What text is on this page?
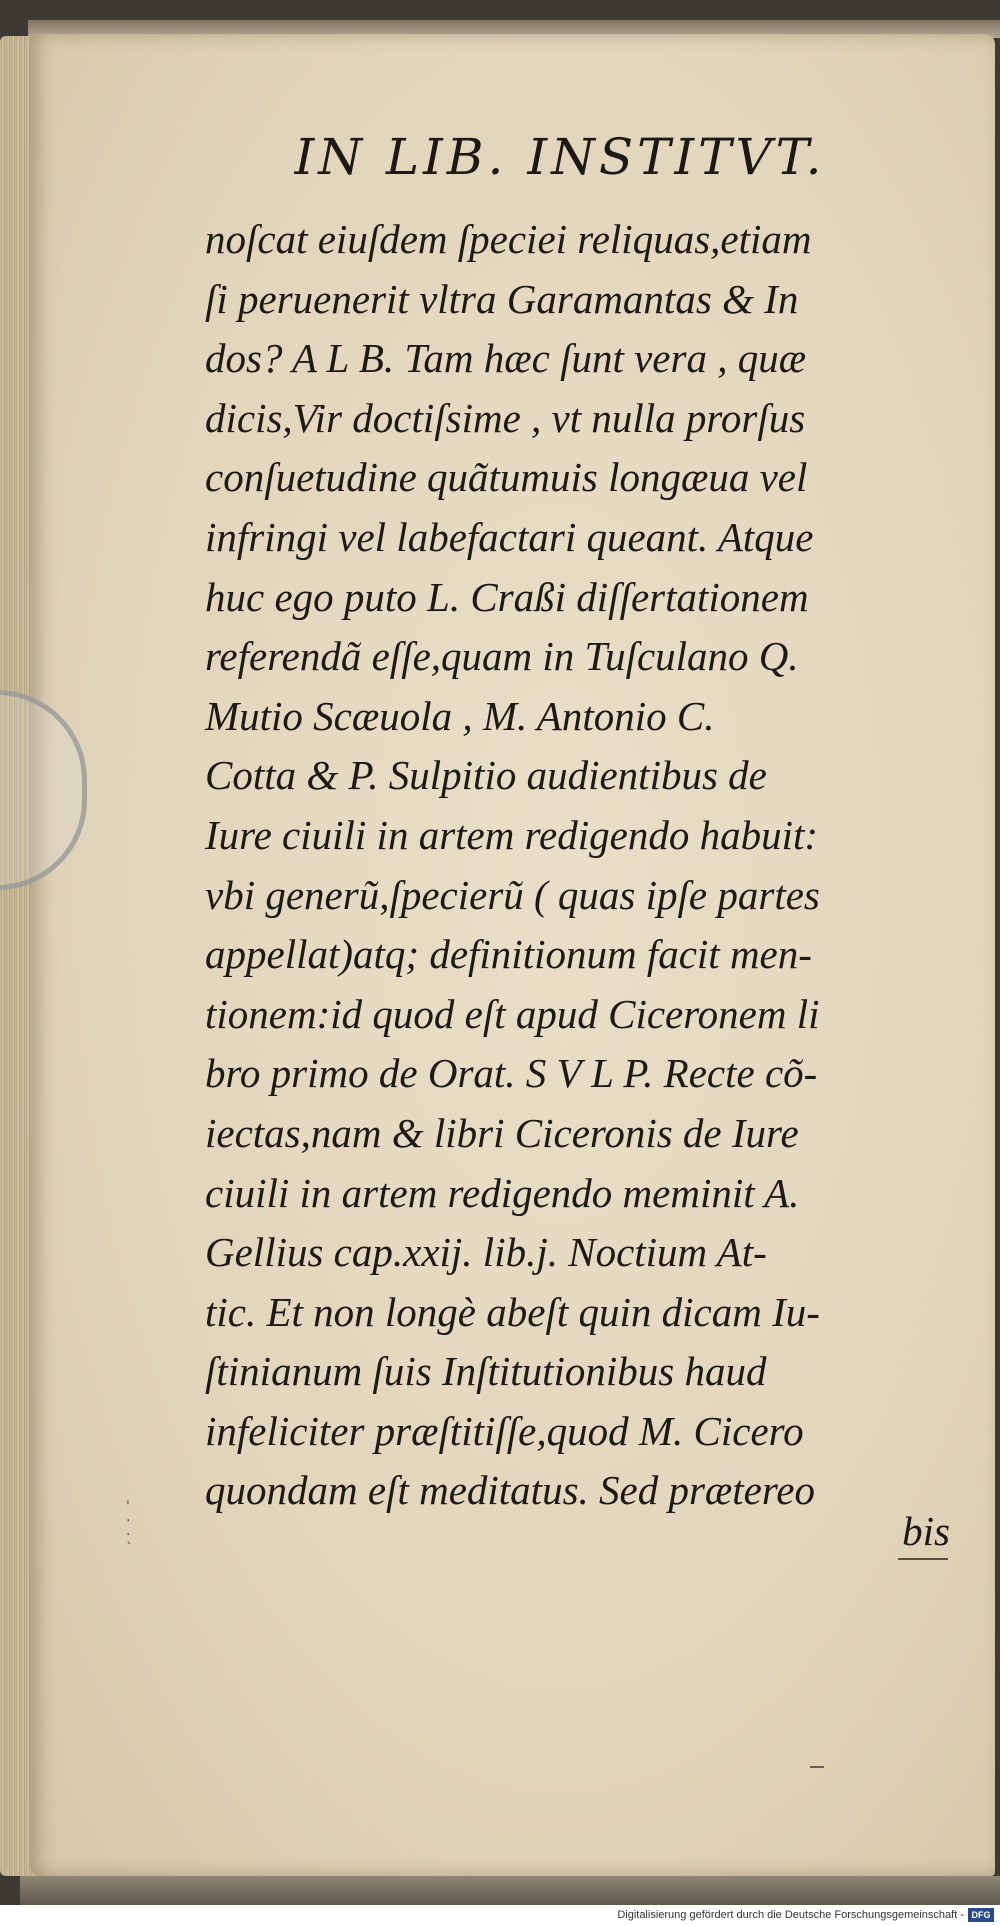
IN LIB. INSTITVT.
noſcat eiuſdem ſpeciei reliquas,etiam
ſi peruenerit vltra Garamantas & In
dos? A L B. Tam hæc ſunt vera , quæ
dicis,Vir doctiſsime , vt nulla prorſus
conſuetudine quãtumuis longæua vel
infringi vel labefactari queant. Atque
huc ego puto L. Craßi diſſertationem
referendã eſſe,quam in Tuſculano Q.
Mutio Scæuola , M. Antonio C.
Cotta & P. Sulpitio audientibus de
Iure ciuili in artem redigendo habuit:
vbi generũ,ſpecierũ ( quas ipſe partes
appellat)atq; definitionum facit men-
tionem:id quod eſt apud Ciceronem li
bro primo de Orat. S V L P. Recte cõ-
iectas,nam & libri Ciceronis de Iure
ciuili in artem redigendo meminit A.
Gellius cap.xxij. lib.j. Noctium At-
tic. Et non longè abeſt quin dicam Iu-
ſtinianum ſuis Inſtitutionibus haud
infeliciter præſtitiſſe,quod M. Cicero
quondam eſt meditatus. Sed prætereo
bis
'
·
·
`
Digitalisierung gefördert durch die Deutsche Forschungsgemeinschaft - DFG
